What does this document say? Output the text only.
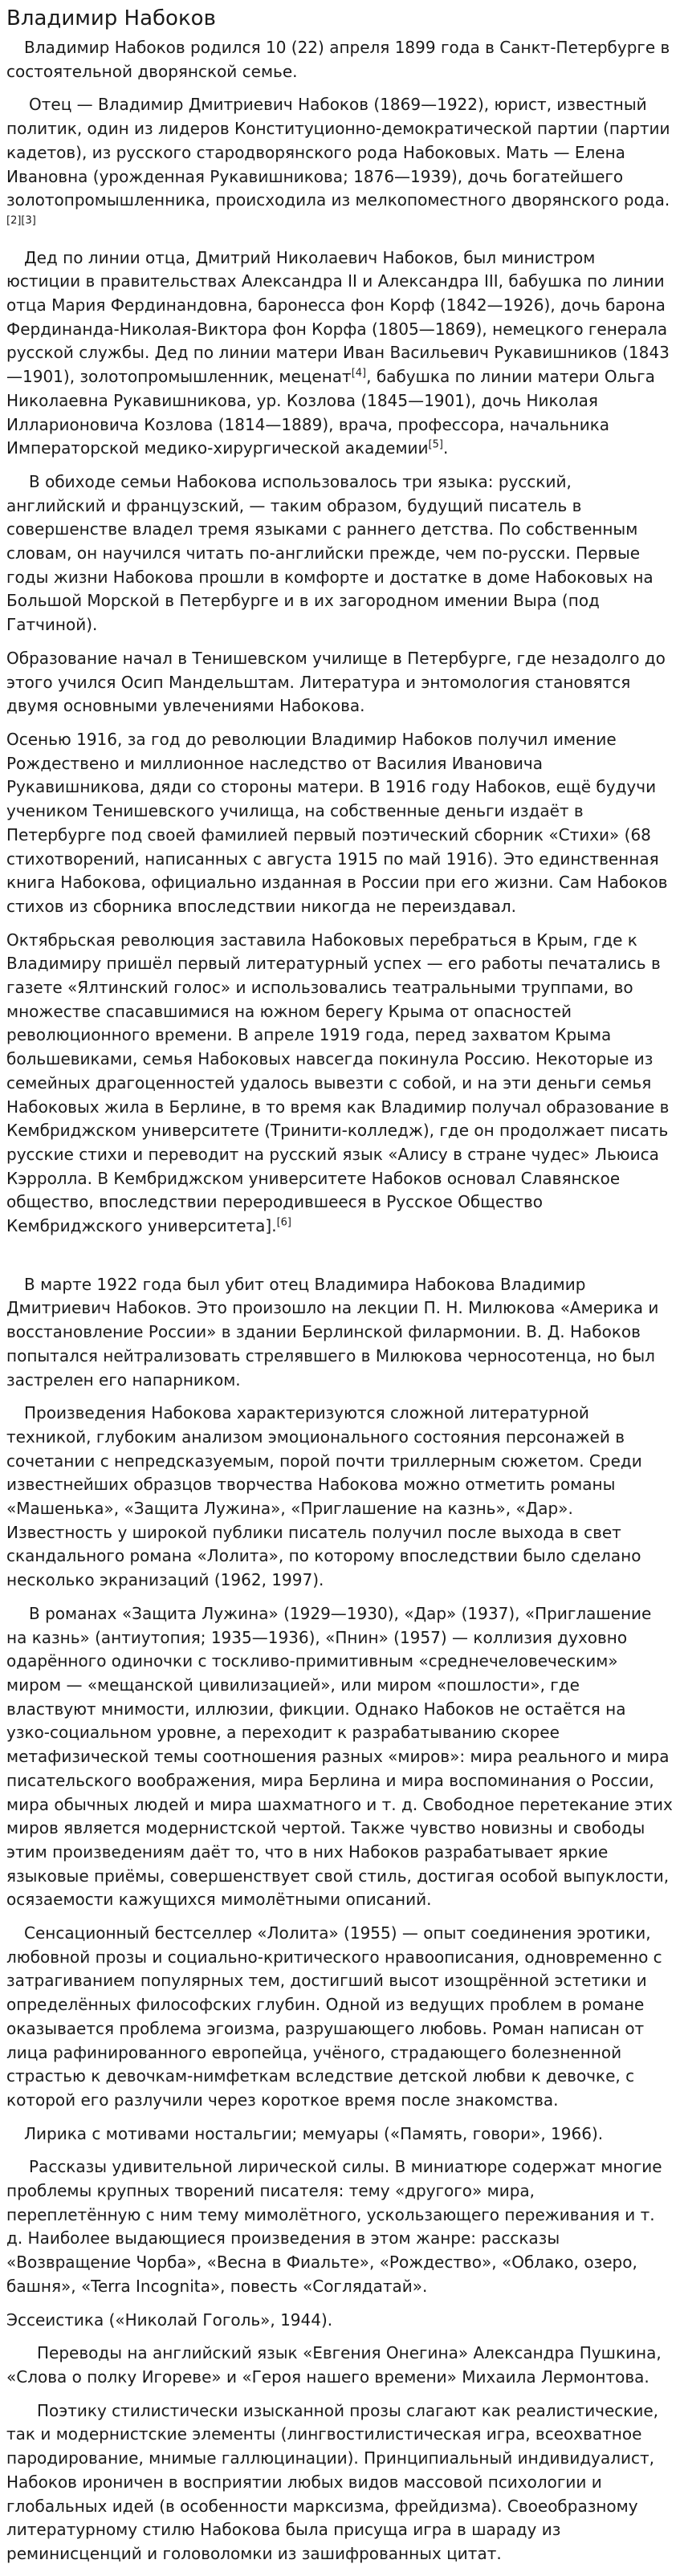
Владимир Набоков

Владимир Набоков родился 10 (22) апреля 1899 года в Санкт-Петербурге в состоятельной дворянской семье.

Отец — Владимир Дмитриевич Набоков (1869—1922), юрист, известный политик, один из лидеров Конституционно-демократической партии (партии кадетов), из русского стародворянского рода Набоковых. Мать — Елена Ивановна (урожденная Рукавишникова; 1876—1939), дочь богатейшего золотопромышленника, происходила из мелкопоместного дворянского рода.[2][3]

Дед по линии отца, Дмитрий Николаевич Набоков, был министром юстиции в правительствах Александра II и Александра III, бабушка по линии отца Мария Фердинандовна, баронесса фон Корф (1842—1926), дочь барона Фердинанда-Николая-Виктора фон Корфа (1805—1869), немецкого генерала русской службы. Дед по линии матери Иван Васильевич Рукавишников (1843—1901), золотопромышленник, меценат[4], бабушка по линии матери Ольга Николаевна Рукавишникова, ур. Козлова (1845—1901), дочь Николая Илларионовича Козлова (1814—1889), врача, профессора, начальника Императорской медико-хирургической академии[5].

В обиходе семьи Набокова использовалось три языка: русский, английский и французский, — таким образом, будущий писатель в совершенстве владел тремя языками с раннего детства. По собственным словам, он научился читать по-английски прежде, чем по-русски. Первые годы жизни Набокова прошли в комфорте и достатке в доме Набоковых на Большой Морской в Петербурге и в их загородном имении Выра (под Гатчиной).

Образование начал в Тенишевском училище в Петербурге, где незадолго до этого учился Осип Мандельштам. Литература и энтомология становятся двумя основными увлечениями Набокова.

Осенью 1916, за год до революции Владимир Набоков получил имение Рождествено и миллионное наследство от Василия Ивановича Рукавишникова, дяди со стороны матери. В 1916 году Набоков, ещё будучи учеником Тенишевского училища, на собственные деньги издаёт в Петербурге под своей фамилией первый поэтический сборник «Стихи» (68 стихотворений, написанных с августа 1915 по май 1916). Это единственная книга Набокова, официально изданная в России при его жизни. Сам Набоков стихов из сборника впоследствии никогда не переиздавал.

Октябрьская революция заставила Набоковых перебраться в Крым, где к Владимиру пришёл первый литературный успех — его работы печатались в газете «Ялтинский голос» и использовались театральными труппами, во множестве спасавшимися на южном берегу Крыма от опасностей революционного времени. В апреле 1919 года, перед захватом Крыма большевиками, семья Набоковых навсегда покинула Россию. Некоторые из семейных драгоценностей удалось вывезти с собой, и на эти деньги семья Набоковых жила в Берлине, в то время как Владимир получал образование в Кембриджском университете (Тринити-колледж), где он продолжает писать русские стихи и переводит на русский язык «Алису в стране чудес» Льюиса Кэрролла. В Кембриджском университете Набоков основал Славянское общество, впоследствии переродившееся в Русское Общество Кембриджского университета].[6]

В марте 1922 года был убит отец Владимира Набокова Владимир Дмитриевич Набоков. Это произошло на лекции П. Н. Милюкова «Америка и восстановление России» в здании Берлинской филармонии. В. Д. Набоков попытался нейтрализовать стрелявшего в Милюкова черносотенца, но был застрелен его напарником.

Произведения Набокова характеризуются сложной литературной техникой, глубоким анализом эмоционального состояния персонажей в сочетании с непредсказуемым, порой почти триллерным сюжетом. Среди известнейших образцов творчества Набокова можно отметить романы «Машенька», «Защита Лужина», «Приглашение на казнь», «Дар». Известность у широкой публики писатель получил после выхода в свет скандального романа «Лолита», по которому впоследствии было сделано несколько экранизаций (1962, 1997).

В романах «Защита Лужина» (1929—1930), «Дар» (1937), «Приглашение на казнь» (антиутопия; 1935—1936), «Пнин» (1957) — коллизия духовно одарённого одиночки с тоскливо-примитивным «среднечеловеческим» миром — «мещанской цивилизацией», или миром «пошлости», где властвуют мнимости, иллюзии, фикции. Однако Набоков не остаётся на узко-социальном уровне, а переходит к разрабатыванию скорее метафизической темы соотношения разных «миров»: мира реального и мира писательского воображения, мира Берлина и мира воспоминания о России, мира обычных людей и мира шахматного и т. д. Свободное перетекание этих миров является модернистской чертой. Также чувство новизны и свободы этим произведениям даёт то, что в них Набоков разрабатывает яркие языковые приёмы, совершенствует свой стиль, достигая особой выпуклости, осязаемости кажущихся мимолётными описаний.

Сенсационный бестселлер «Лолита» (1955) — опыт соединения эротики, любовной прозы и социально-критического нравоописания, одновременно с затрагиванием популярных тем, достигший высот изощрённой эстетики и определённых философских глубин. Одной из ведущих проблем в романе оказывается проблема эгоизма, разрушающего любовь. Роман написан от лица рафинированного европейца, учёного, страдающего болезненной страстью к девочкам-нимфеткам вследствие детской любви к девочке, с которой его разлучили через короткое время после знакомства.

Лирика с мотивами ностальгии; мемуары («Память, говори», 1966).

Рассказы удивительной лирической силы. В миниатюре содержат многие проблемы крупных творений писателя: тему «другого» мира, переплетённую с ним тему мимолётного, ускользающего переживания и т. д. Наиболее выдающиеся произведения в этом жанре: рассказы «Возвращение Чорба», «Весна в Фиальте», «Рождество», «Облако, озеро, башня», «Terra Incognita», повесть «Соглядатай».

Эссеистика («Николай Гоголь», 1944).

Переводы на английский язык «Евгения Онегина» Александра Пушкина, «Слова о полку Игореве» и «Героя нашего времени» Михаила Лермонтова.

Поэтику стилистически изысканной прозы слагают как реалистические, так и модернистские элементы (лингвостилистическая игра, всеохватное пародирование, мнимые галлюцинации). Принципиальный индивидуалист, Набоков ироничен в восприятии любых видов массовой психологии и глобальных идей (в особенности марксизма, фрейдизма). Своеобразному литературному стилю Набокова была присуща игра в шараду из реминисценций и головоломки из зашифрованных цитат.
